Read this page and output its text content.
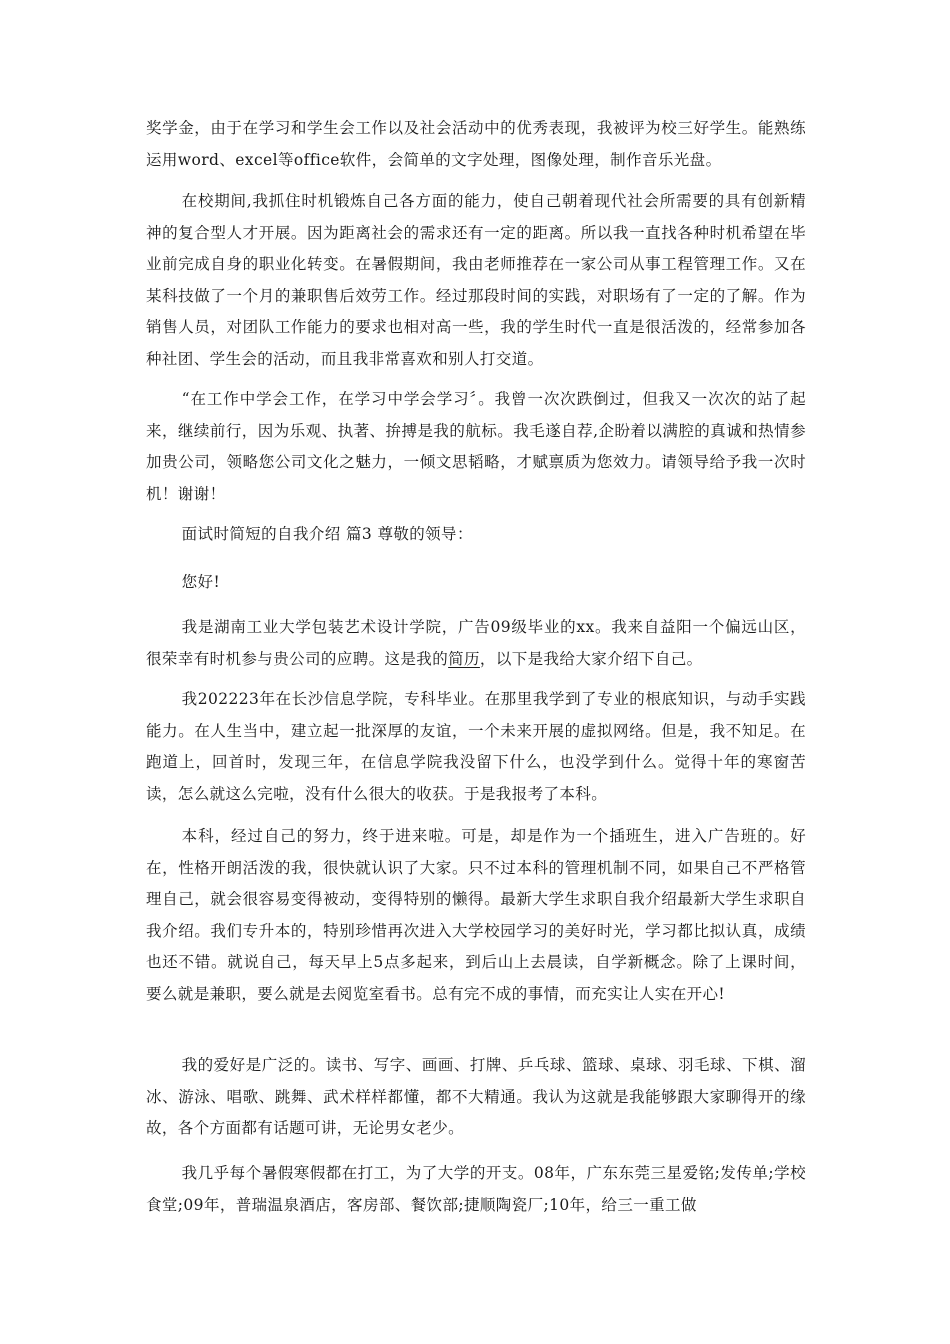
奖学金，由于在学习和学生会工作以及社会活动中的优秀表现，我被评为校三好学生。能熟练运用word、excel等office软件，会简单的文字处理，图像处理，制作音乐光盘。

在校期间,我抓住时机锻炼自己各方面的能力，使自己朝着现代社会所需要的具有创新精神的复合型人才开展。因为距离社会的需求还有一定的距离。所以我一直找各种时机希望在毕业前完成自身的职业化转变。在暑假期间，我由老师推荐在一家公司从事工程管理工作。又在某科技做了一个月的兼职售后效劳工作。经过那段时间的实践，对职场有了一定的了解。作为销售人员，对团队工作能力的要求也相对高一些，我的学生时代一直是很活泼的，经常参加各种社团、学生会的活动，而且我非常喜欢和别人打交道。

“在工作中学会工作，在学习中学会学习〞。我曾一次次跌倒过，但我又一次次的站了起来，继续前行，因为乐观、执著、拚搏是我的航标。我毛遂自荐,企盼着以满腔的真诚和热情参加贵公司，领略您公司文化之魅力，一倾文思韬略，才赋禀质为您效力。请领导给予我一次时机！谢谢！

面试时简短的自我介绍 篇3 尊敬的领导：

您好!

我是湖南工业大学包装艺术设计学院，广告09级毕业的xx。我来自益阳一个偏远山区，很荣幸有时机参与贵公司的应聘。这是我的简历，以下是我给大家介绍下自己。

我202223年在长沙信息学院，专科毕业。在那里我学到了专业的根底知识，与动手实践能力。在人生当中，建立起一批深厚的友谊，一个未来开展的虚拟网络。但是，我不知足。在跑道上，回首时，发现三年，在信息学院我没留下什么，也没学到什么。觉得十年的寒窗苦读，怎么就这么完啦，没有什么很大的收获。于是我报考了本科。

本科，经过自己的努力，终于进来啦。可是，却是作为一个插班生，进入广告班的。好在，性格开朗活泼的我，很快就认识了大家。只不过本科的管理机制不同，如果自己不严格管理自己，就会很容易变得被动，变得特别的懒得。最新大学生求职自我介绍最新大学生求职自我介绍。我们专升本的，特别珍惜再次进入大学校园学习的美好时光，学习都比拟认真，成绩也还不错。就说自己，每天早上5点多起来，到后山上去晨读，自学新概念。除了上课时间，要么就是兼职，要么就是去阅览室看书。总有完不成的事情，而充实让人实在开心!

我的爱好是广泛的。读书、写字、画画、打牌、乒乓球、篮球、桌球、羽毛球、下棋、溜冰、游泳、唱歌、跳舞、武术样样都懂，都不大精通。我认为这就是我能够跟大家聊得开的缘故，各个方面都有话题可讲，无论男女老少。

我几乎每个暑假寒假都在打工，为了大学的开支。08年，广东东莞三星爱铭;发传单;学校食堂;09年，普瑞温泉酒店，客房部、餐饮部;捷顺陶瓷厂;10年，给三一重工做
